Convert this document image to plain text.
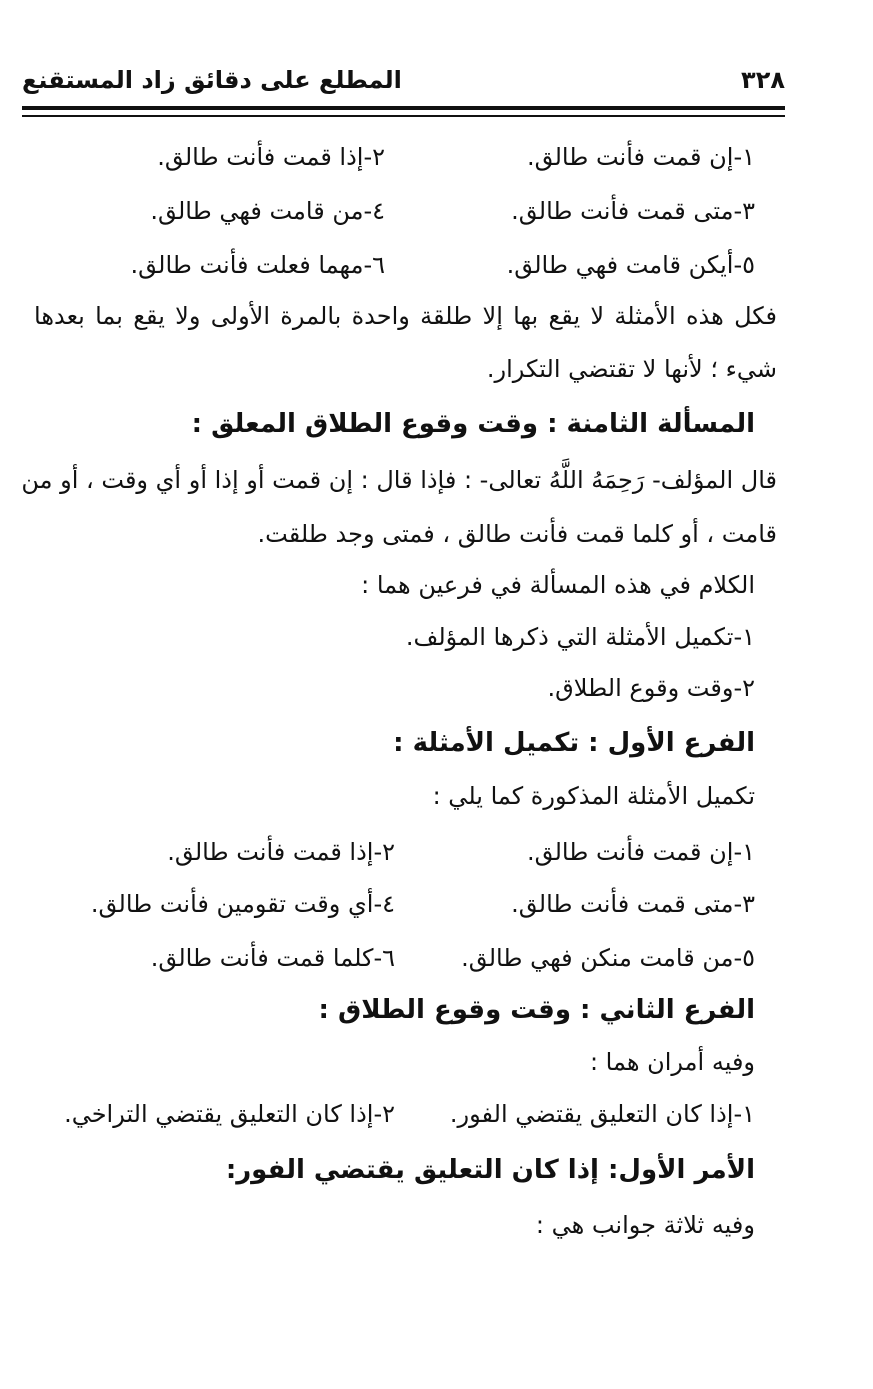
٣٢٨
المطلع على دقائق زاد المستقنع
١-إن قمت فأنت طالق.
٢-إذا قمت فأنت طالق.
٣-متى قمت فأنت طالق.
٤-من قامت فهي طالق.
٥-أيكن قامت فهي طالق.
٦-مهما فعلت فأنت طالق.
فكل هذه الأمثلة لا يقع بها إلا طلقة واحدة بالمرة الأولى ولا يقع بما بعدها
شيء ؛ لأنها لا تقتضي التكرار.
المسألة الثامنة : وقت وقوع الطلاق المعلق :
قال المؤلف- رَحِمَهُ اللَّهُ تعالى- : فإذا قال : إن قمت أو إذا أو أي وقت ، أو من
قامت ، أو كلما قمت فأنت طالق ، فمتى وجد طلقت.
الكلام في هذه المسألة في فرعين هما :
١-تكميل الأمثلة التي ذكرها المؤلف.
٢-وقت وقوع الطلاق.
الفرع الأول : تكميل الأمثلة :
تكميل الأمثلة المذكورة كما يلي :
١-إن قمت فأنت طالق.
٢-إذا قمت فأنت طالق.
٣-متى قمت فأنت طالق.
٤-أي وقت تقومين فأنت طالق.
٥-من قامت منكن فهي طالق.
٦-كلما قمت فأنت طالق.
الفرع الثاني : وقت وقوع الطلاق :
وفيه أمران هما :
١-إذا كان التعليق يقتضي الفور.
٢-إذا كان التعليق يقتضي التراخي.
الأمر الأول: إذا كان التعليق يقتضي الفور:
وفيه ثلاثة جوانب هي :
